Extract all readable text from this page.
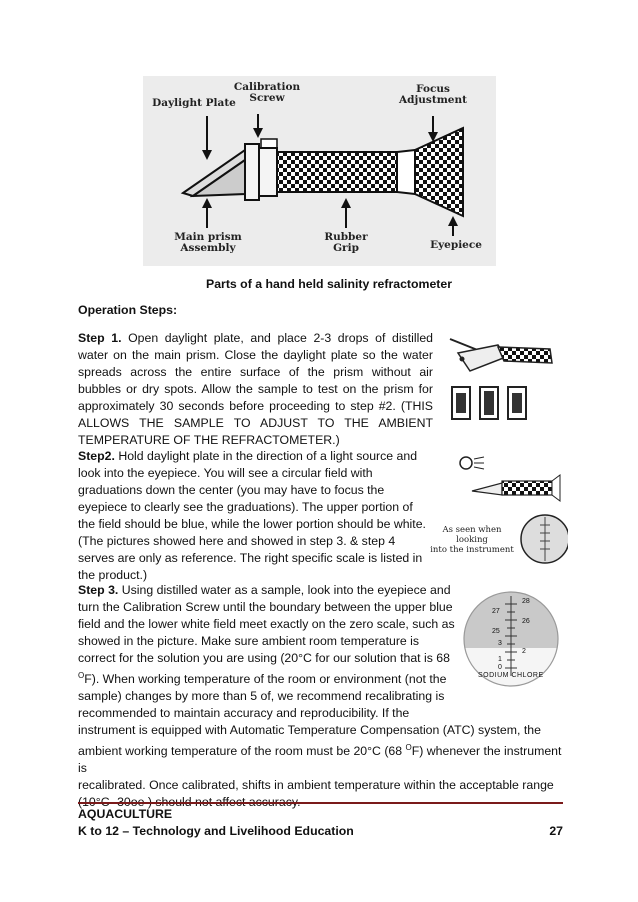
Daylight Plate
Calibration
Screw
Focus
Adjustment
Main prism
Assembly
Rubber
Grip	Eyepiece
Parts of a hand held salinity refractometer
Operation Steps:
Step 1. Open daylight plate, and place 2-3 drops of distilled water on the main prism. Close the daylight plate so the water spreads across the entire surface of the prism without air bubbles or dry spots. Allow the sample to test on the prism for approximately 30 seconds before proceeding to step #2. (THIS ALLOWS THE SAMPLE TO ADJUST TO THE AMBIENT TEMPERATURE OF THE REFRACTOMETER.)
Step2. Hold daylight plate in the direction of a light source and
look into the eyepiece. You will see a circular field with
graduations down the center (you may have to focus the
eyepiece to clearly see the graduations). The upper portion of
the field should be blue, while the lower portion should be white.
(The pictures showed here and showed in step 3. & step 4
serves are only as reference. The right specific scale is listed in
the product.)
As seen when looking
into the instrument
Step 3. Using distilled water as a sample, look into the eyepiece and
turn the Calibration Screw until the boundary between the upper blue
field and the lower white field meet exactly on the zero scale, such as
showed in the picture. Make sure ambient room temperature is
correct for the solution you are using (20°C for our solution that is 68
$^O$F). When working temperature of the room or environment (not the
sample) changes by more than 5 of, we recommend recalibrating is
recommended to maintain accuracy and reproducibility. If the
instrument is equipped with Automatic Temperature Compensation (ATC) system, the
ambient working temperature of the room must be 20°C (68 $^O$F) whenever the instrument is
recalibrated. Once calibrated, shifts in ambient temperature within the acceptable range
28
27
26
25
3
2
1
0
SODIUM CHLORE
AQUACULTURE
K to 12 – Technology and Livelihood Education	27
